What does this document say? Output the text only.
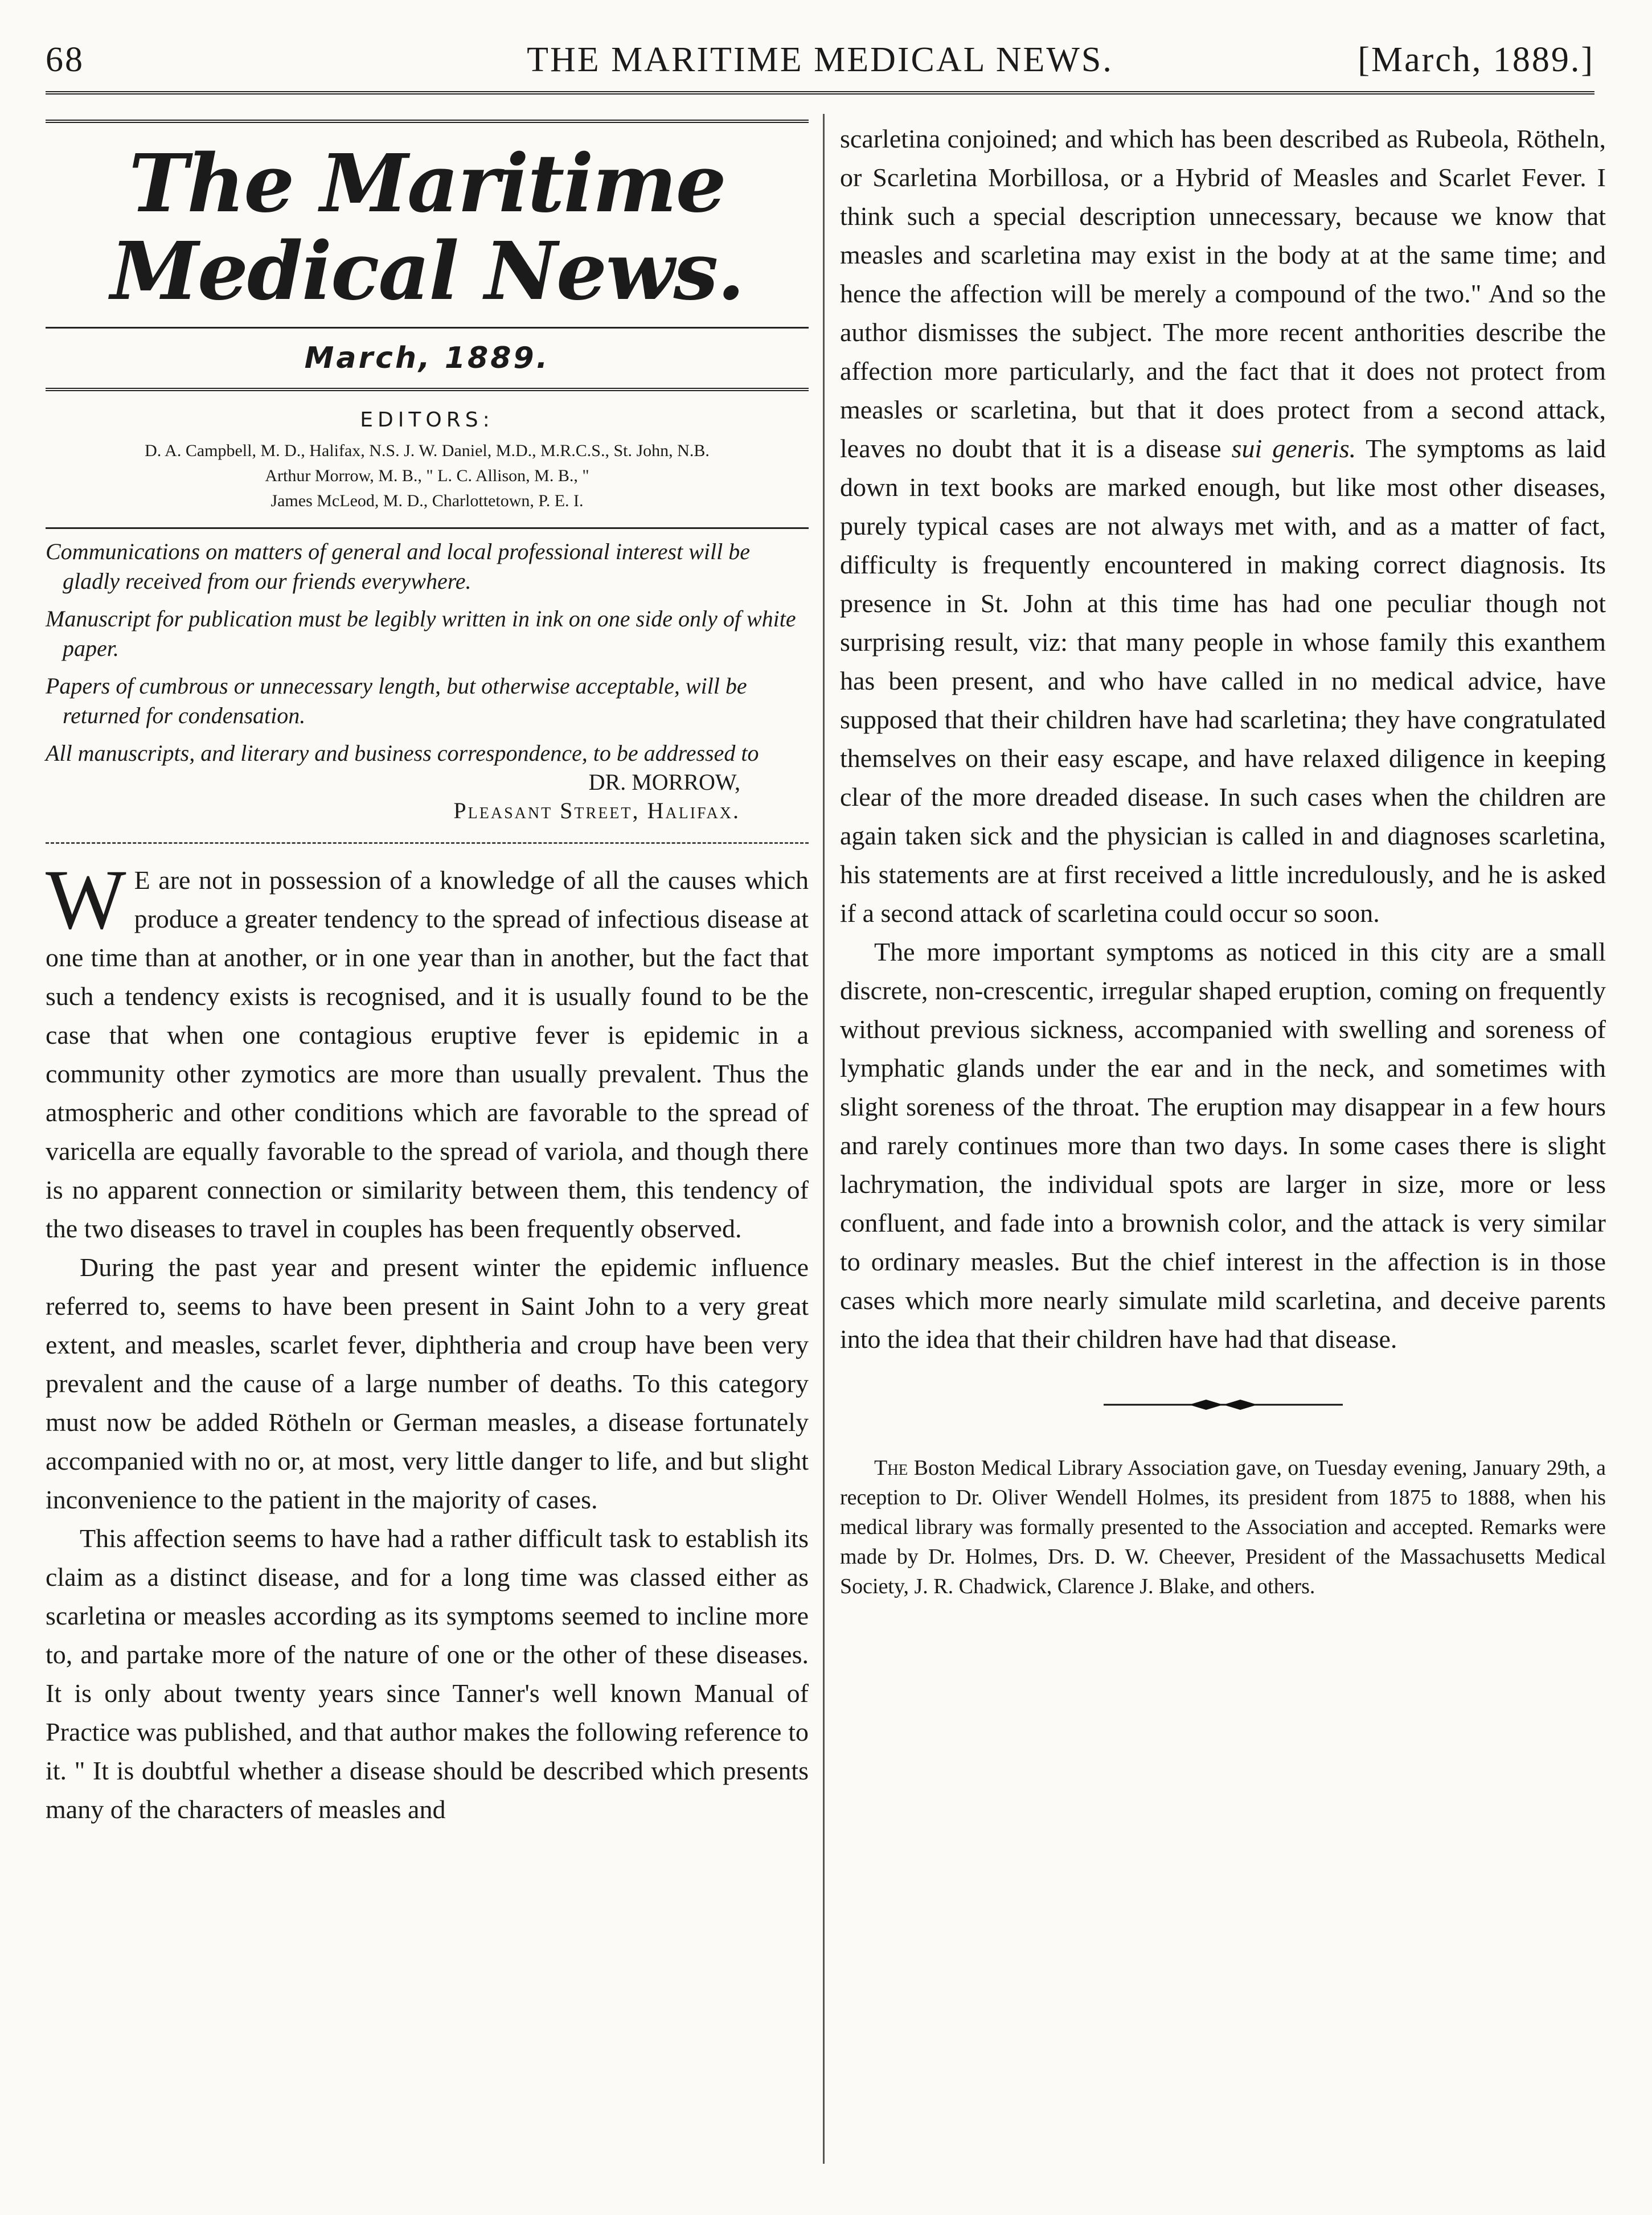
68	THE MARITIME MEDICAL NEWS.	[March, 1889.]
The Maritime Medical News.
March, 1889.
EDITORS:
D. A. Campbell, M. D., Halifax, N.S. J. W. Daniel, M.D., M.R.C.S., St. John, N.B.
Arthur Morrow, M. B., " L. C. Allison, M. B., "
James McLeod, M. D., Charlottetown, P. E. I.

Communications on matters of general and local professional interest will be gladly received from our friends everywhere.

Manuscript for publication must be legibly written in ink on one side only of white paper.

Papers of cumbrous or unnecessary length, but otherwise acceptable, will be returned for condensation.

All manuscripts, and literary and business correspondence, to be addressed to

DR. MORROW,
Pleasant Street, Halifax.

W E are not in possession of a knowledge of all the causes which produce a greater tendency to the spread of infectious disease at one time than at another, or in one year than in another, but the fact that such a tendency exists is recognised, and it is usually found to be the case that when one contagious eruptive fever is epidemic in a community other zymotics are more than usually prevalent. Thus the atmospheric and other conditions which are favorable to the spread of varicella are equally favorable to the spread of variola, and though there is no apparent connection or similarity between them, this tendency of the two diseases to travel in couples has been frequently observed.

During the past year and present winter the epidemic influence referred to, seems to have been present in Saint John to a very great extent, and measles, scarlet fever, diphtheria and croup have been very prevalent and the cause of a large number of deaths. To this category must now be added Rötheln or German measles, a disease fortunately accompanied with no or, at most, very little danger to life, and but slight inconvenience to the patient in the majority of cases.

This affection seems to have had a rather difficult task to establish its claim as a distinct disease, and for a long time was classed either as scarletina or measles according as its symptoms seemed to incline more to, and partake more of the nature of one or the other of these diseases. It is only about twenty years since Tanner's well known Manual of Practice was published, and that author makes the following reference to it. " It is doubtful whether a disease should be described which presents many of the characters of measles and

scarletina conjoined; and which has been described as Rubeola, Rötheln, or Scarletina Morbillosa, or a Hybrid of Measles and Scarlet Fever. I think such a special description unnecessary, because we know that measles and scarletina may exist in the body at at the same time; and hence the affection will be merely a compound of the two." And so the author dismisses the subject. The more recent anthorities describe the affection more particularly, and the fact that it does not protect from measles or scarletina, but that it does protect from a second attack, leaves no doubt that it is a disease sui generis. The symptoms as laid down in text books are marked enough, but like most other diseases, purely typical cases are not always met with, and as a matter of fact, difficulty is frequently encountered in making correct diagnosis. Its presence in St. John at this time has had one peculiar though not surprising result, viz: that many people in whose family this exanthem has been present, and who have called in no medical advice, have supposed that their children have had scarletina; they have congratulated themselves on their easy escape, and have relaxed diligence in keeping clear of the more dreaded disease. In such cases when the children are again taken sick and the physician is called in and diagnoses scarletina, his statements are at first received a little incredulously, and he is asked if a second attack of scarletina could occur so soon.

The more important symptoms as noticed in this city are a small discrete, non-crescentic, irregular shaped eruption, coming on frequently without previous sickness, accompanied with swelling and soreness of lymphatic glands under the ear and in the neck, and sometimes with slight soreness of the throat. The eruption may disappear in a few hours and rarely continues more than two days. In some cases there is slight lachrymation, the individual spots are larger in size, more or less confluent, and fade into a brownish color, and the attack is very similar to ordinary measles. But the chief interest in the affection is in those cases which more nearly simulate mild scarletina, and deceive parents into the idea that their children have had that disease.

The Boston Medical Library Association gave, on Tuesday evening, January 29th, a reception to Dr. Oliver Wendell Holmes, its president from 1875 to 1888, when his medical library was formally presented to the Association and accepted. Remarks were made by Dr. Holmes, Drs. D. W. Cheever, President of the Massachusetts Medical Society, J. R. Chadwick, Clarence J. Blake, and others.
